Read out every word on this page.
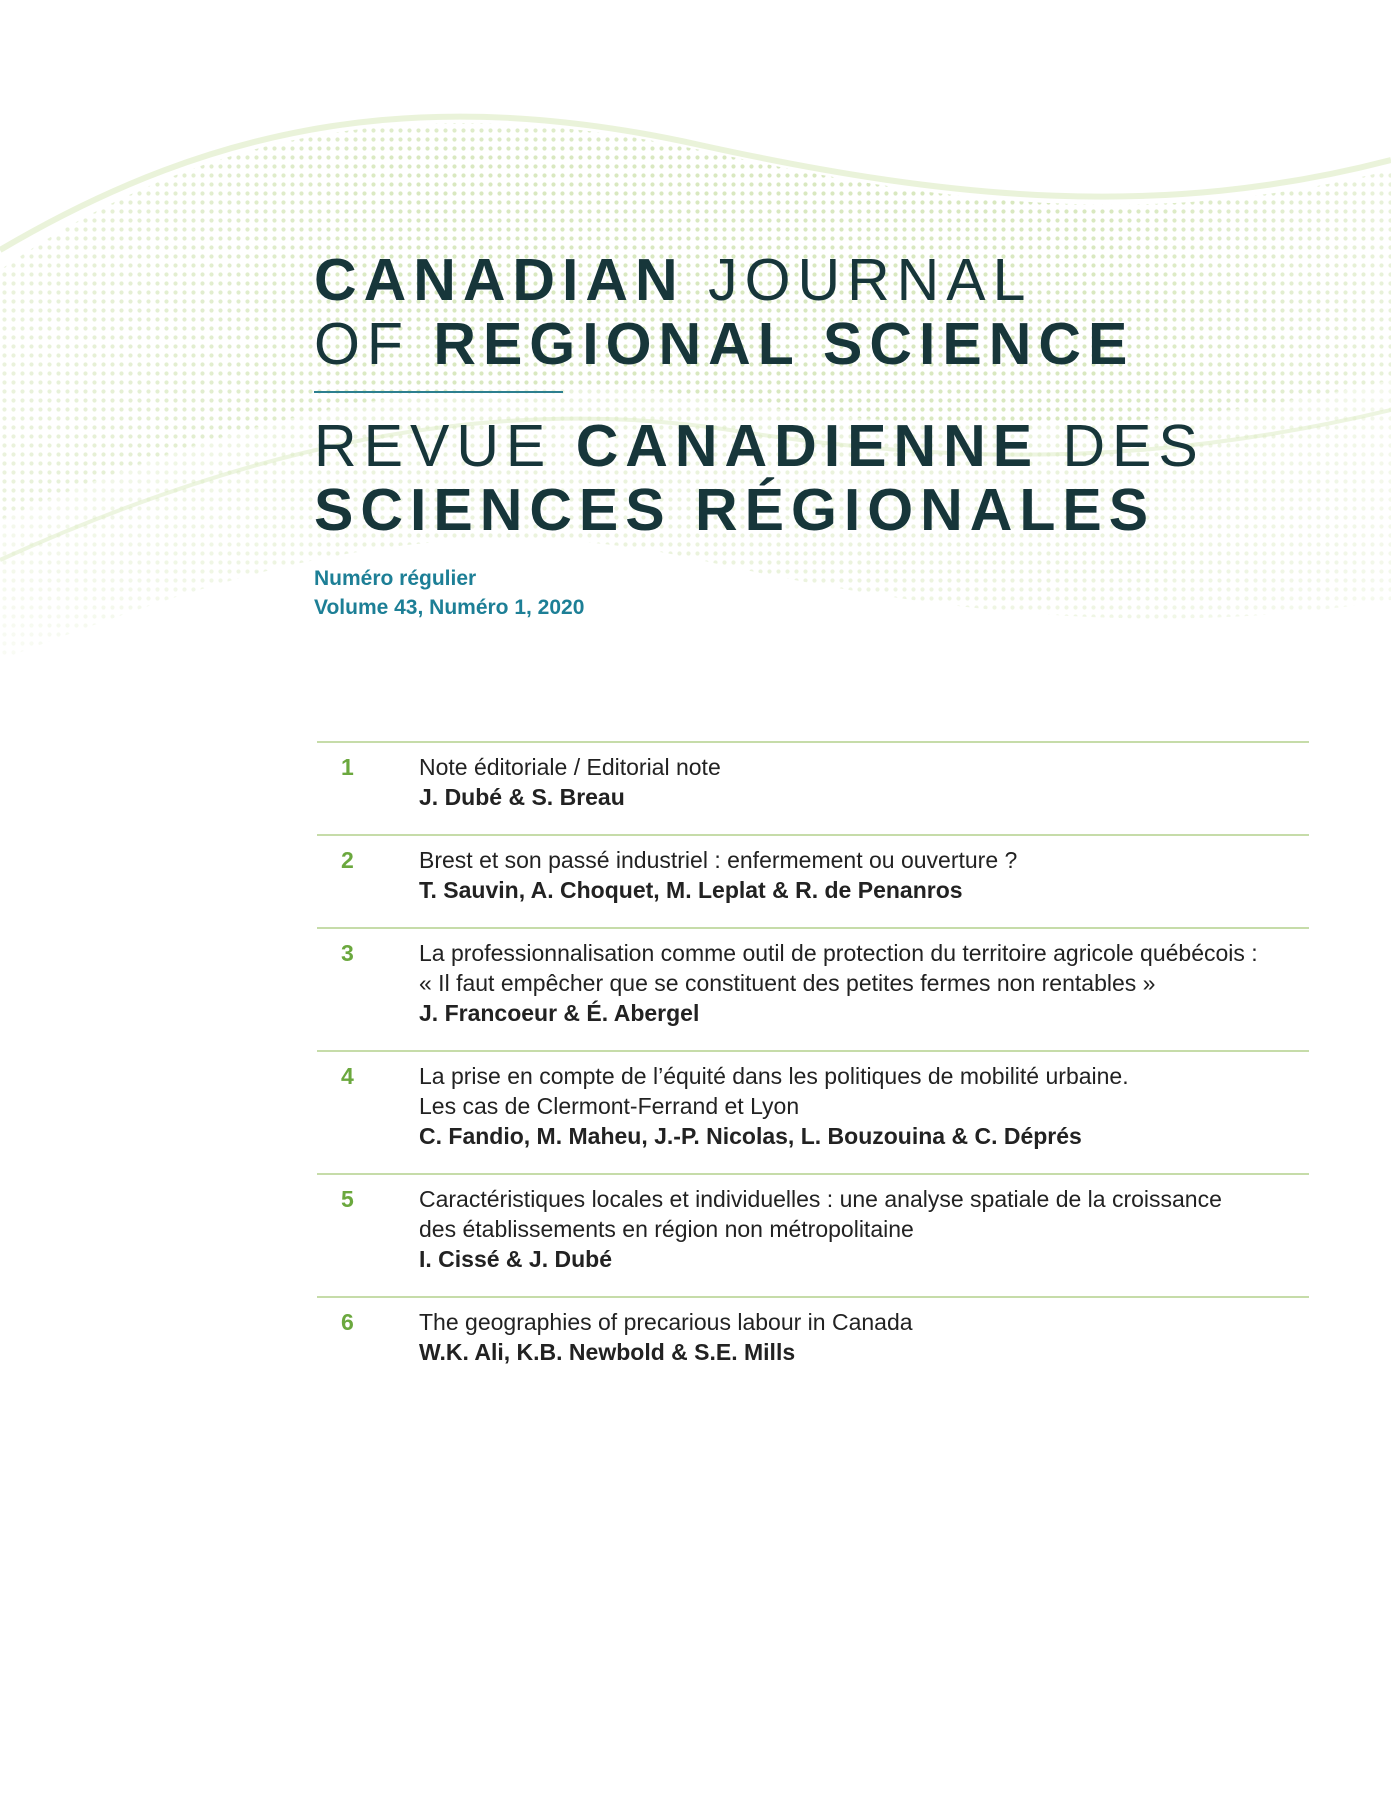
CANADIAN JOURNAL
OF REGIONAL SCIENCE
REVUE CANADIENNE DES
SCIENCES RÉGIONALES
Numéro régulier
Volume 43, Numéro 1, 2020
1	Note éditoriale / Editorial note
J. Dubé & S. Breau
2	Brest et son passé industriel : enfermement ou ouverture ?
T. Sauvin, A. Choquet, M. Leplat & R. de Penanros
3	La professionnalisation comme outil de protection du territoire agricole québécois :
« Il faut empêcher que se constituent des petites fermes non rentables »
J. Francoeur & É. Abergel
4	La prise en compte de l’équité dans les politiques de mobilité urbaine.
Les cas de Clermont-Ferrand et Lyon
C. Fandio, M. Maheu, J.-P. Nicolas, L. Bouzouina & C. Déprés
5	Caractéristiques locales et individuelles : une analyse spatiale de la croissance
des établissements en région non métropolitaine
I. Cissé & J. Dubé
6	The geographies of precarious labour in Canada
W.K. Ali, K.B. Newbold & S.E. Mills
